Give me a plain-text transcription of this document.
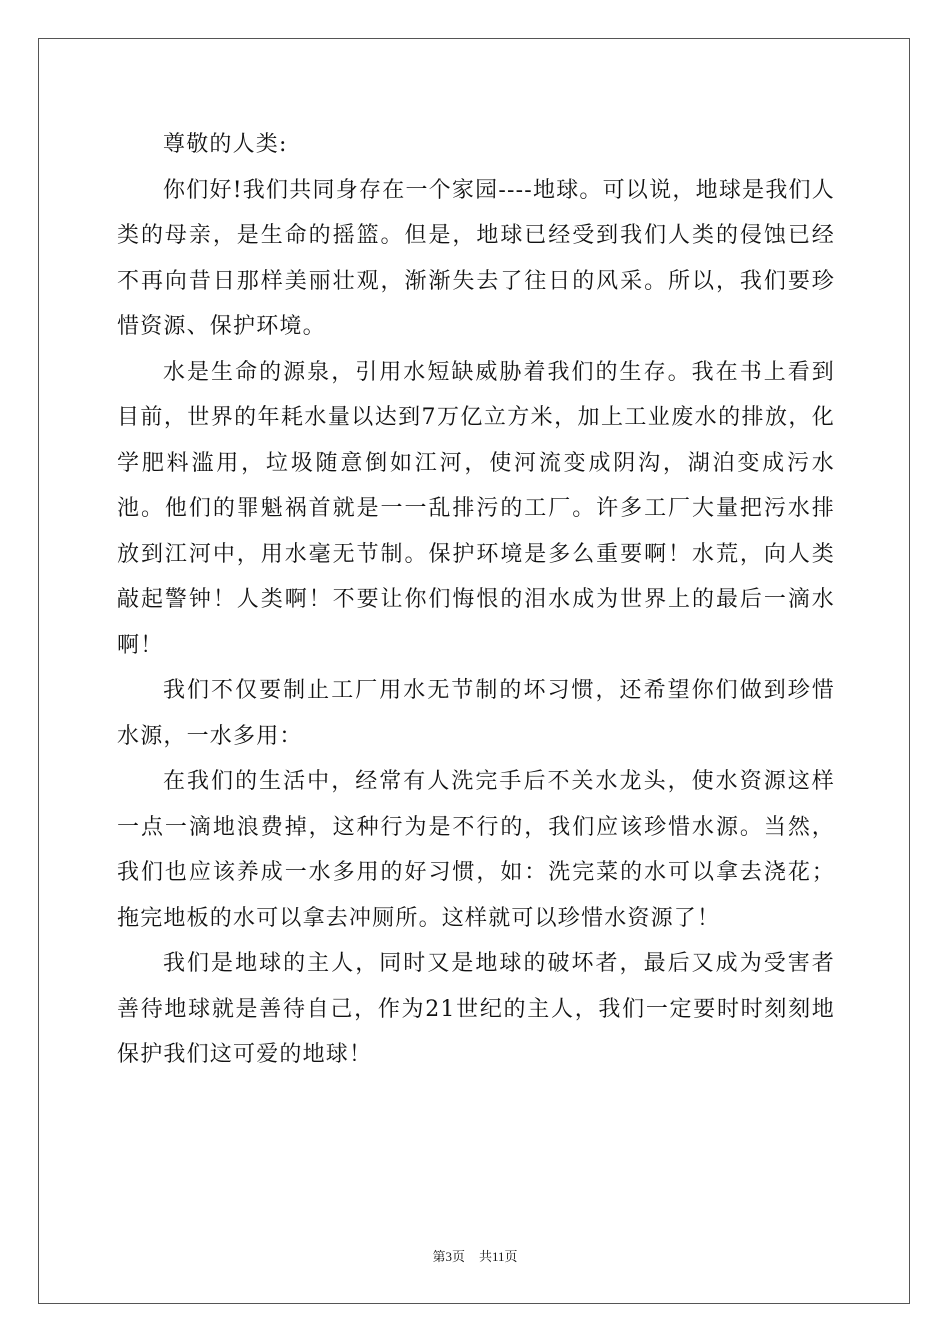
尊敬的人类:

你们好!我们共同身存在一个家园----地球。可以说，地球是我们人类的母亲，是生命的摇篮。但是，地球已经受到我们人类的侵蚀已经不再向昔日那样美丽壮观，渐渐失去了往日的风采。所以，我们要珍惜资源、保护环境。

水是生命的源泉，引用水短缺威胁着我们的生存。我在书上看到目前，世界的年耗水量以达到7万亿立方米，加上工业废水的排放，化学肥料滥用，垃圾随意倒如江河，使河流变成阴沟，湖泊变成污水池。他们的罪魁祸首就是一一乱排污的工厂。许多工厂大量把污水排放到江河中，用水毫无节制。保护环境是多么重要啊！水荒，向人类敲起警钟！人类啊！不要让你们悔恨的泪水成为世界上的最后一滴水啊！

我们不仅要制止工厂用水无节制的坏习惯，还希望你们做到珍惜水源，一水多用：

在我们的生活中，经常有人洗完手后不关水龙头，使水资源这样一点一滴地浪费掉，这种行为是不行的，我们应该珍惜水源。当然，我们也应该养成一水多用的好习惯，如：洗完菜的水可以拿去浇花；拖完地板的水可以拿去冲厕所。这样就可以珍惜水资源了！

我们是地球的主人，同时又是地球的破坏者，最后又成为受害者善待地球就是善待自己，作为21世纪的主人，我们一定要时时刻刻地保护我们这可爱的地球！

第3页 共11页
